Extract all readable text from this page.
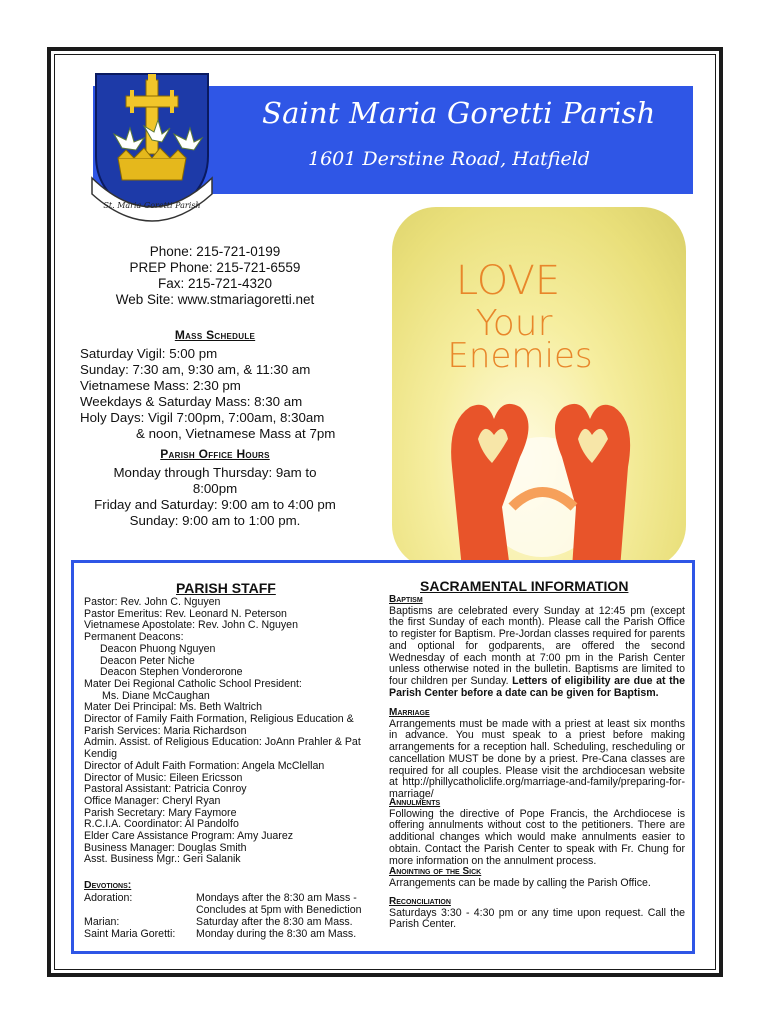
Saint Maria Goretti Parish
1601 Derstine Road, Hatfield
St. Maria Goretti Parish
Phone: 215-721-0199
PREP Phone: 215-721-6559
Fax: 215-721-4320
Web Site: www.stmariagoretti.net
Mass Schedule
Saturday Vigil: 5:00 pm
Sunday: 7:30 am, 9:30 am, & 11:30 am
Vietnamese Mass: 2:30 pm
Weekdays & Saturday Mass: 8:30 am
Holy Days: Vigil 7:00pm, 7:00am, 8:30am
& noon, Vietnamese Mass at 7pm
Parish Office Hours
Monday through Thursday: 9am to
8:00pm
Friday and Saturday: 9:00 am to 4:00 pm
Sunday: 9:00 am to 1:00 pm.
LOVE
Your
Enemies
PARISH STAFF
Pastor: Rev. John C. Nguyen
Pastor Emeritus: Rev. Leonard N. Peterson
Vietnamese Apostolate: Rev. John C. Nguyen
Permanent Deacons:
Deacon Phuong Nguyen
Deacon Peter Niche
Deacon Stephen Vonderorone
Mater Dei Regional Catholic School President:
Ms. Diane McCaughan
Mater Dei Principal: Ms. Beth Waltrich
Director of Family Faith Formation, Religious Education & Parish Services: Maria Richardson
Admin. Assist. of Religious Education: JoAnn Prahler & Pat Kendig
Director of Adult Faith Formation: Angela McClellan
Director of Music: Eileen Ericsson
Pastoral Assistant: Patricia Conroy
Office Manager: Cheryl Ryan
Parish Secretary: Mary Faymore
R.C.I.A. Coordinator: Al Pandolfo
Elder Care Assistance Program: Amy Juarez
Business Manager: Douglas Smith
Asst. Business Mgr.: Geri Salanik
Devotions:
Adoration:	Mondays after the 8:30 am Mass - Concludes at 5pm with Benediction
Marian:	Saturday after the 8:30 am Mass.
Saint Maria Goretti: Monday during the 8:30 am Mass.
SACRAMENTAL INFORMATION
Baptism
Baptisms are celebrated every Sunday at 12:45 pm (except the first Sunday of each month). Please call the Parish Office to register for Baptism. Pre-Jordan classes required for parents and optional for godparents, are offered the second Wednesday of each month at 7:00 pm in the Parish Center unless otherwise noted in the bulletin. Baptisms are limited to four children per Sunday. Letters of eligibility are due at the Parish Center before a date can be given for Baptism.
Marriage
Arrangements must be made with a priest at least six months in advance. You must speak to a priest before making arrangements for a reception hall. Scheduling, rescheduling or cancellation MUST be done by a priest. Pre-Cana classes are required for all couples. Please visit the archdiocesan website at http://phillycatholiclife.org/marriage-and-family/preparing-for-marriage/
Annulments
Following the directive of Pope Francis, the Archdiocese is offering annulments without cost to the petitioners. There are additional changes which would make annulments easier to obtain. Contact the Parish Center to speak with Fr. Chung for more information on the annulment process.
Anointing of the Sick
Arrangements can be made by calling the Parish Office.
Reconciliation
Saturdays 3:30 - 4:30 pm or any time upon request. Call the Parish Center.
